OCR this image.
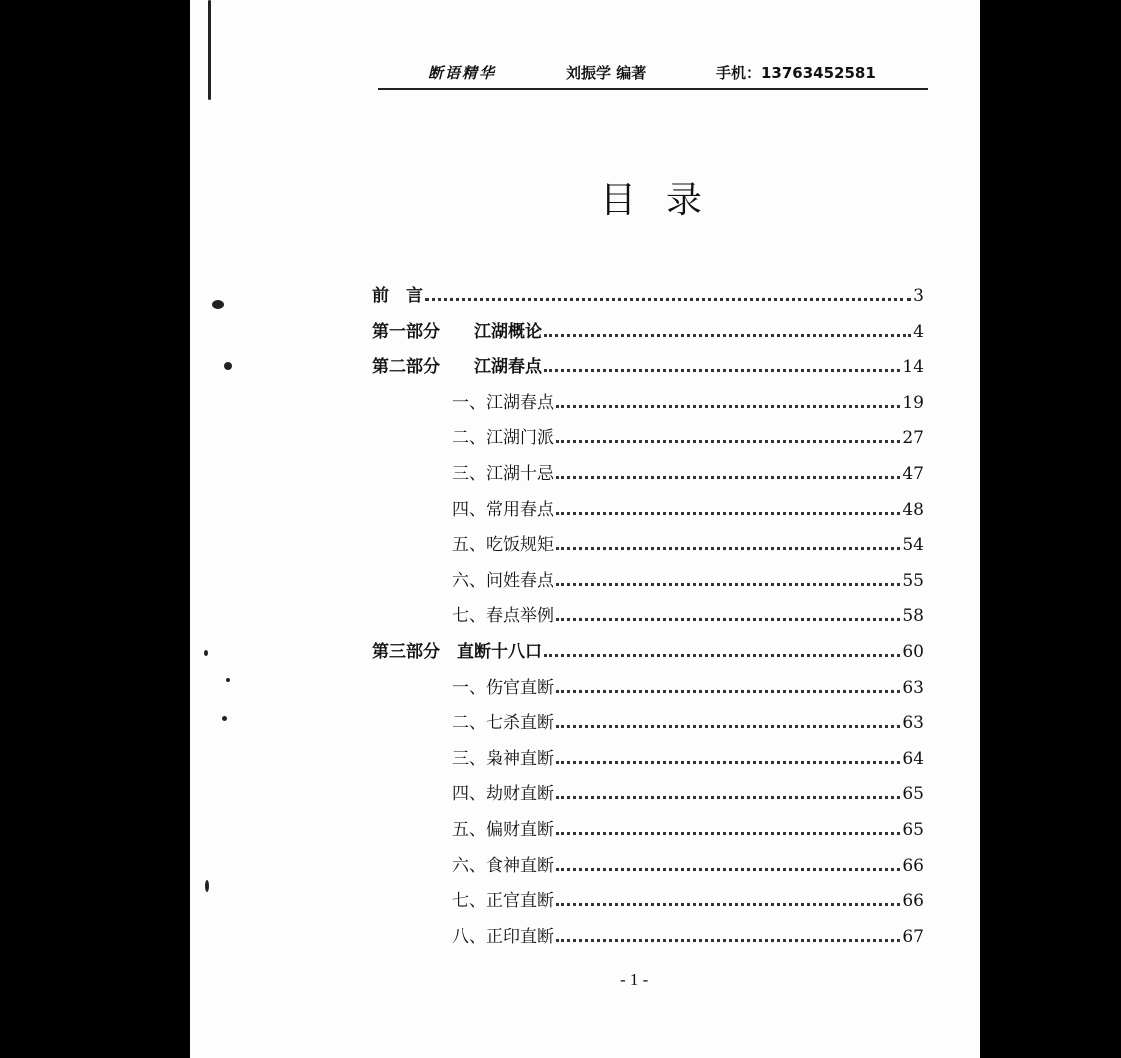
断语精华	刘振学 编著	手机：13763452581
目录
前　言	3
第一部分　　江湖概论	4
第二部分　　江湖春点	14
一、江湖春点	19
二、江湖门派	27
三、江湖十忌	47
四、常用春点	48
五、吃饭规矩	54
六、问姓春点	55
七、春点举例	58
第三部分　直断十八口	60
一、伤官直断	63
二、七杀直断	63
三、枭神直断	64
四、劫财直断	65
五、偏财直断	65
六、食神直断	66
七、正官直断	66
八、正印直断	67
- 1 -
